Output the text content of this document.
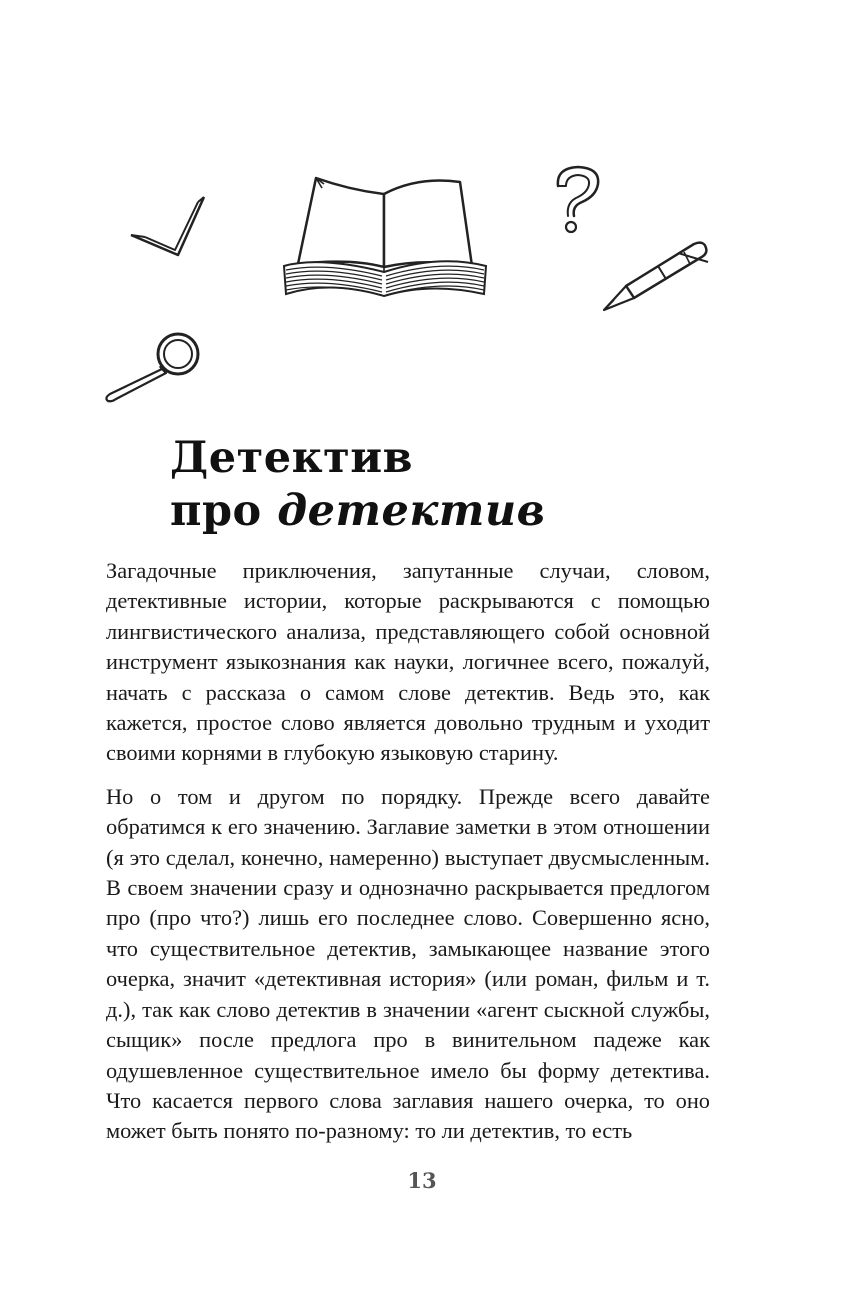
Детектив
про детектив

Загадочные приключения, запутанные случаи, словом, детективные истории, которые раскрываются с помощью лингвистического анализа, представляющего собой основной инструмент языкознания как науки, логичнее всего, пожалуй, начать с рассказа о самом слове детектив. Ведь это, как кажется, простое слово является довольно трудным и уходит своими корнями в глубокую языковую старину.

Но о том и другом по порядку. Прежде всего давайте обратимся к его значению. Заглавие заметки в этом отношении (я это сделал, конечно, намеренно) выступает двусмысленным. В своем значении сразу и однозначно раскрывается предлогом про (про что?) лишь его последнее слово. Совершенно ясно, что существительное детектив, замыкающее название этого очерка, значит «детективная история» (или роман, фильм и т. д.), так как слово детектив в значении «агент сыскной службы, сыщик» после предлога про в винительном падеже как одушевленное существительное имело бы форму детектива. Что касается первого слова заглавия нашего очерка, то оно может быть понято по-разному: то ли детектив, то есть

13
